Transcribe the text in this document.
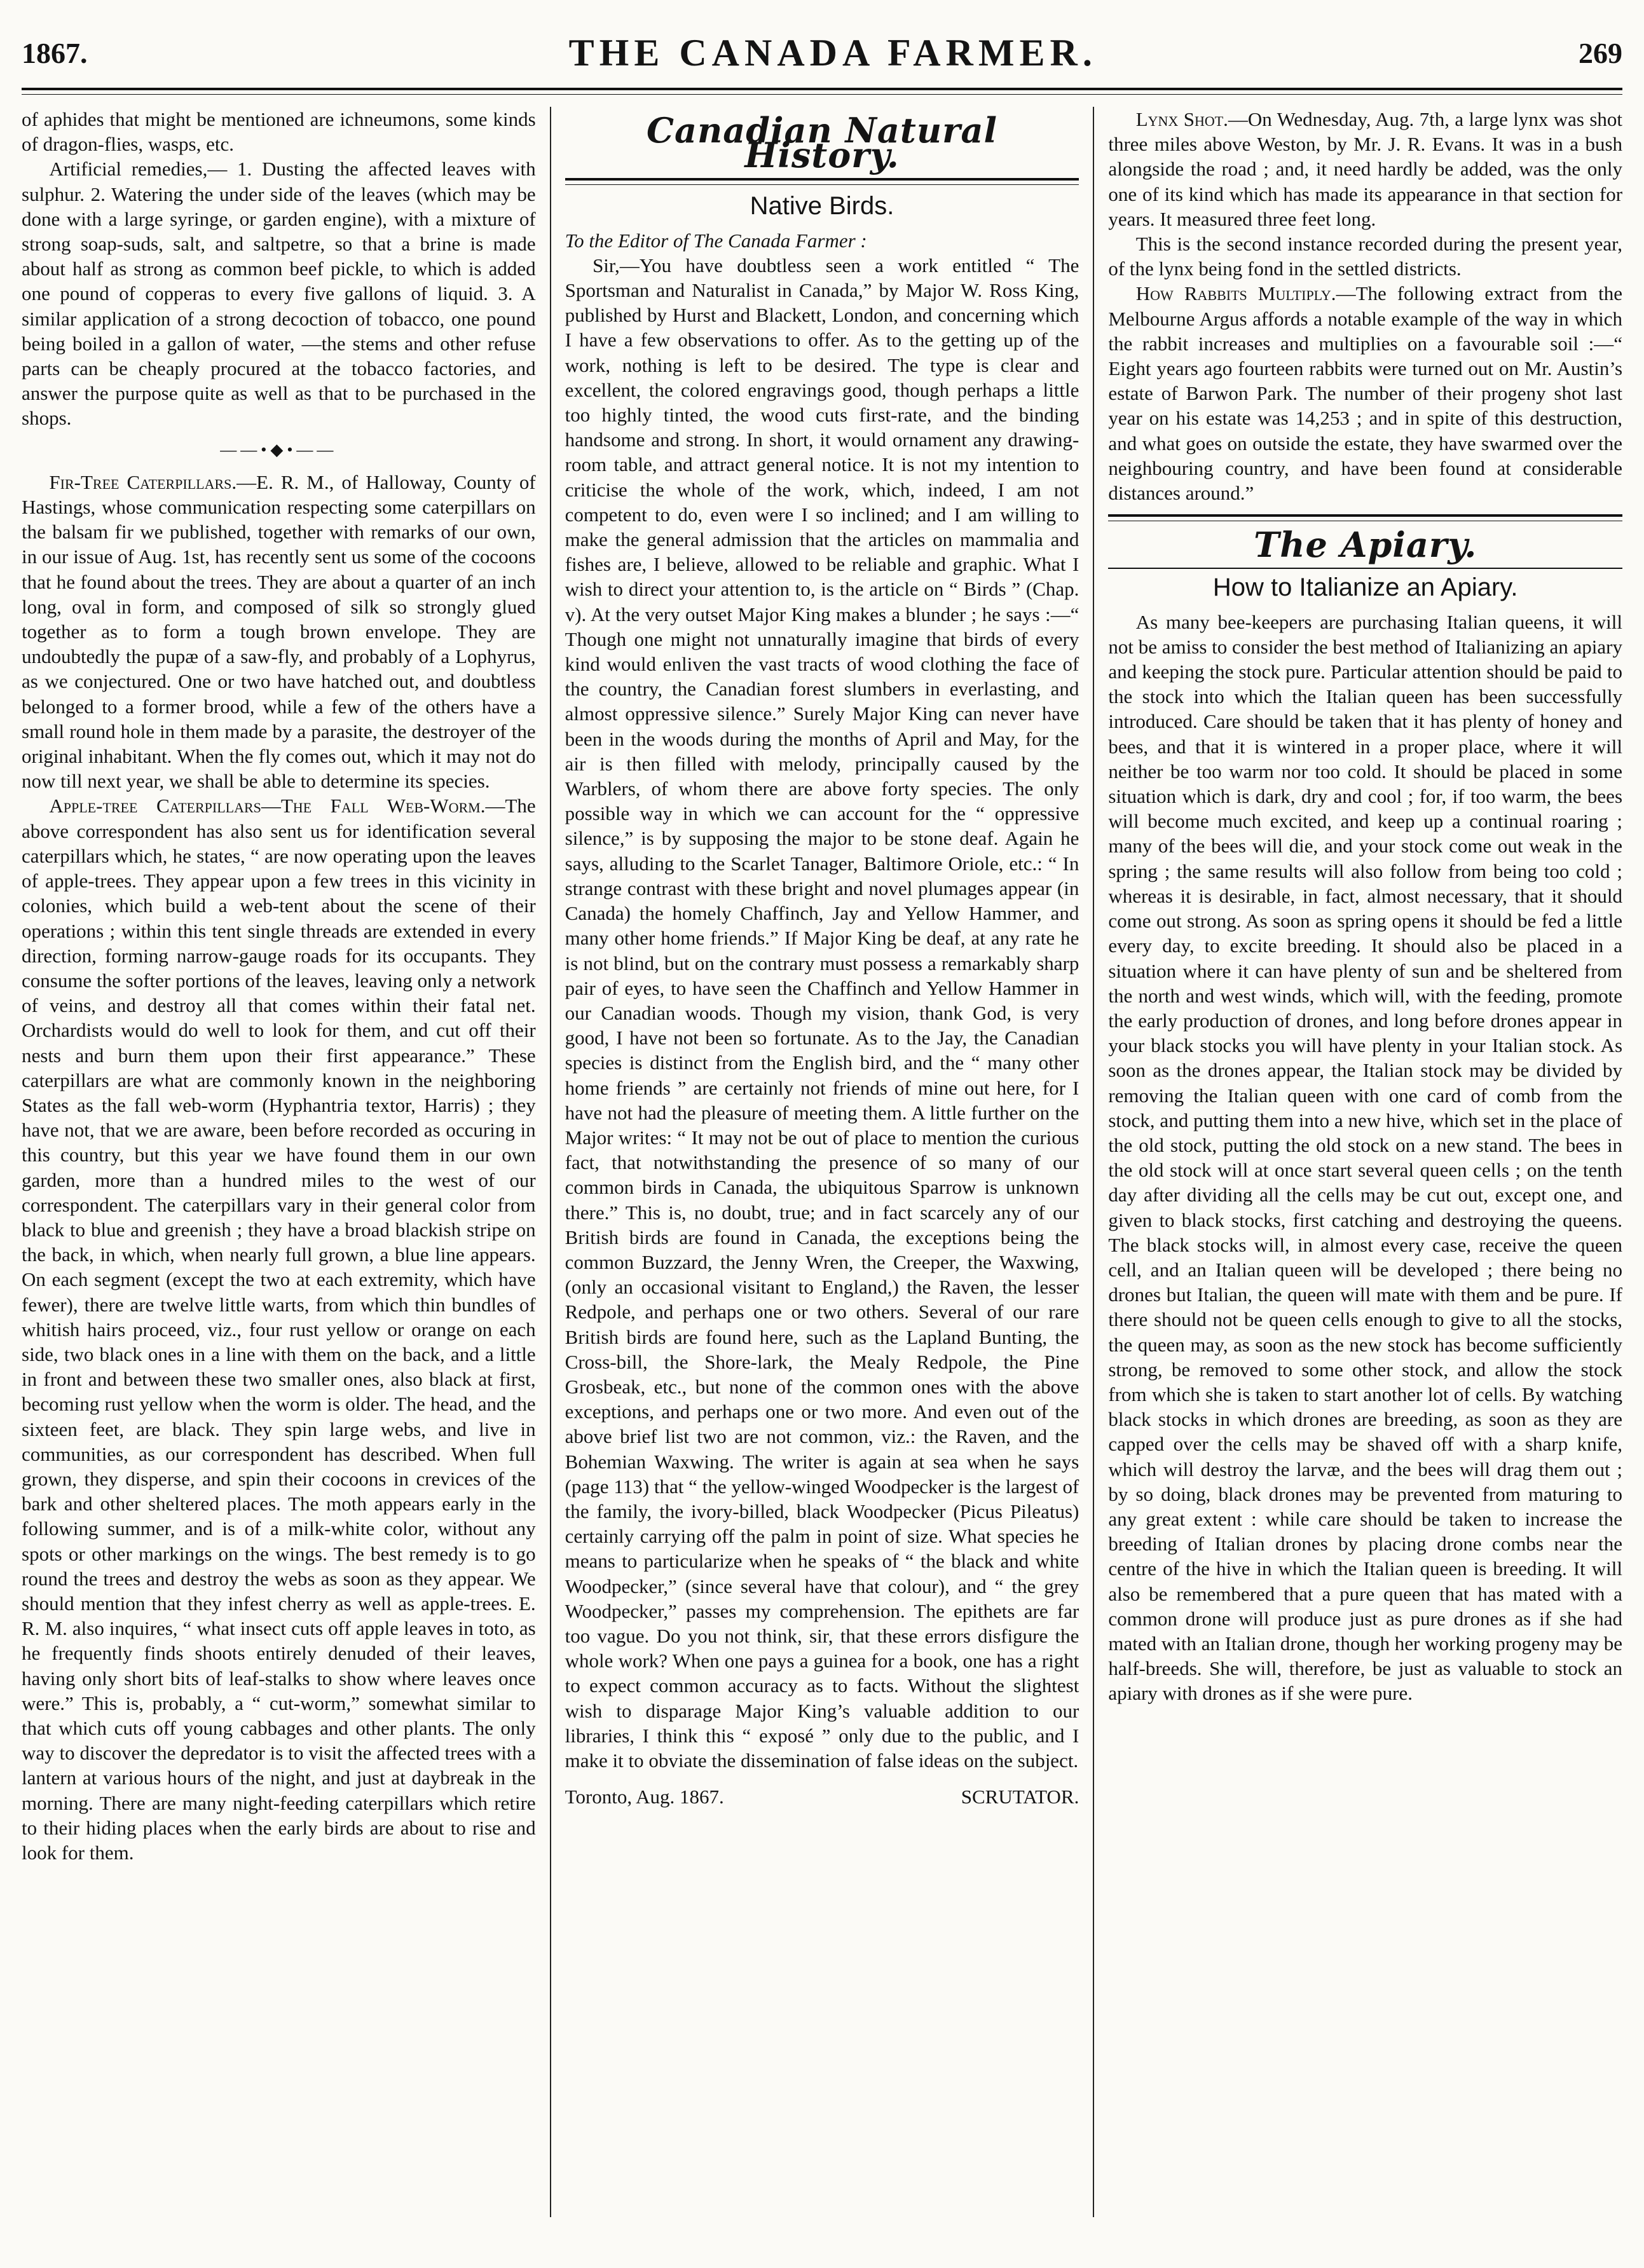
1867.	THE CANADA FARMER.	269

of aphides that might be mentioned are ichneumons, some kinds of dragon-flies, wasps, etc.

Artificial remedies,— 1. Dusting the affected leaves with sulphur. 2. Watering the under side of the leaves (which may be done with a large syringe, or garden engine), with a mixture of strong soap-suds, salt, and saltpetre, so that a brine is made about half as strong as common beef pickle, to which is added one pound of copperas to every five gallons of liquid. 3. A similar application of a strong decoction of tobacco, one pound being boiled in a gallon of water, —the stems and other refuse parts can be cheaply procured at the tobacco factories, and answer the purpose quite as well as that to be purchased in the shops.

——•◆•——

Fir-Tree Caterpillars.—E. R. M., of Halloway, County of Hastings, whose communication respecting some caterpillars on the balsam fir we published, together with remarks of our own, in our issue of Aug. 1st, has recently sent us some of the cocoons that he found about the trees. They are about a quarter of an inch long, oval in form, and composed of silk so strongly glued together as to form a tough brown envelope. They are undoubtedly the pupæ of a saw-fly, and probably of a Lophyrus, as we conjectured. One or two have hatched out, and doubtless belonged to a former brood, while a few of the others have a small round hole in them made by a parasite, the destroyer of the original inhabitant. When the fly comes out, which it may not do now till next year, we shall be able to determine its species.

Apple-tree Caterpillars—The Fall Web-Worm.—The above correspondent has also sent us for identification several caterpillars which, he states, “ are now operating upon the leaves of apple-trees. They appear upon a few trees in this vicinity in colonies, which build a web-tent about the scene of their operations ; within this tent single threads are extended in every direction, forming narrow-gauge roads for its occupants. They consume the softer portions of the leaves, leaving only a network of veins, and destroy all that comes within their fatal net. Orchardists would do well to look for them, and cut off their nests and burn them upon their first appearance.” These caterpillars are what are commonly known in the neighboring States as the fall web-worm (Hyphantria textor, Harris) ; they have not, that we are aware, been before recorded as occuring in this country, but this year we have found them in our own garden, more than a hundred miles to the west of our correspondent. The caterpillars vary in their general color from black to blue and greenish ; they have a broad blackish stripe on the back, in which, when nearly full grown, a blue line appears. On each segment (except the two at each extremity, which have fewer), there are twelve little warts, from which thin bundles of whitish hairs proceed, viz., four rust yellow or orange on each side, two black ones in a line with them on the back, and a little in front and between these two smaller ones, also black at first, becoming rust yellow when the worm is older. The head, and the sixteen feet, are black. They spin large webs, and live in communities, as our correspondent has described. When full grown, they disperse, and spin their cocoons in crevices of the bark and other sheltered places. The moth appears early in the following summer, and is of a milk-white color, without any spots or other markings on the wings. The best remedy is to go round the trees and destroy the webs as soon as they appear. We should mention that they infest cherry as well as apple-trees. E. R. M. also inquires, “ what insect cuts off apple leaves in toto, as he frequently finds shoots entirely denuded of their leaves, having only short bits of leaf-stalks to show where leaves once were.” This is, probably, a “ cut-worm,” somewhat similar to that which cuts off young cabbages and other plants. The only way to discover the depredator is to visit the affected trees with a lantern at various hours of the night, and just at daybreak in the morning. There are many night-feeding caterpillars which retire to their hiding places when the early birds are about to rise and look for them.

Canadian Natural History.
Native Birds.

To the Editor of The Canada Farmer :

Sir,—You have doubtless seen a work entitled “ The Sportsman and Naturalist in Canada,” by Major W. Ross King, published by Hurst and Blackett, London, and concerning which I have a few observations to offer. As to the getting up of the work, nothing is left to be desired. The type is clear and excellent, the colored engravings good, though perhaps a little too highly tinted, the wood cuts first-rate, and the binding handsome and strong. In short, it would ornament any drawing-room table, and attract general notice. It is not my intention to criticise the whole of the work, which, indeed, I am not competent to do, even were I so inclined; and I am willing to make the general admission that the articles on mammalia and fishes are, I believe, allowed to be reliable and graphic. What I wish to direct your attention to, is the article on “ Birds ” (Chap. v). At the very outset Major King makes a blunder ; he says :—“ Though one might not unnaturally imagine that birds of every kind would enliven the vast tracts of wood clothing the face of the country, the Canadian forest slumbers in everlasting, and almost oppressive silence.” Surely Major King can never have been in the woods during the months of April and May, for the air is then filled with melody, principally caused by the Warblers, of whom there are above forty species. The only possible way in which we can account for the “ oppressive silence,” is by supposing the major to be stone deaf. Again he says, alluding to the Scarlet Tanager, Baltimore Oriole, etc.: “ In strange contrast with these bright and novel plumages appear (in Canada) the homely Chaffinch, Jay and Yellow Hammer, and many other home friends.” If Major King be deaf, at any rate he is not blind, but on the contrary must possess a remarkably sharp pair of eyes, to have seen the Chaffinch and Yellow Hammer in our Canadian woods. Though my vision, thank God, is very good, I have not been so fortunate. As to the Jay, the Canadian species is distinct from the English bird, and the “ many other home friends ” are certainly not friends of mine out here, for I have not had the pleasure of meeting them. A little further on the Major writes: “ It may not be out of place to mention the curious fact, that notwithstanding the presence of so many of our common birds in Canada, the ubiquitous Sparrow is unknown there.” This is, no doubt, true; and in fact scarcely any of our British birds are found in Canada, the exceptions being the common Buzzard, the Jenny Wren, the Creeper, the Waxwing, (only an occasional visitant to England,) the Raven, the lesser Redpole, and perhaps one or two others. Several of our rare British birds are found here, such as the Lapland Bunting, the Cross-bill, the Shore-lark, the Mealy Redpole, the Pine Grosbeak, etc., but none of the common ones with the above exceptions, and perhaps one or two more. And even out of the above brief list two are not common, viz.: the Raven, and the Bohemian Waxwing. The writer is again at sea when he says (page 113) that “ the yellow-winged Woodpecker is the largest of the family, the ivory-billed, black Woodpecker (Picus Pileatus) certainly carrying off the palm in point of size. What species he means to particularize when he speaks of “ the black and white Woodpecker,” (since several have that colour), and “ the grey Woodpecker,” passes my comprehension. The epithets are far too vague. Do you not think, sir, that these errors disfigure the whole work? When one pays a guinea for a book, one has a right to expect common accuracy as to facts. Without the slightest wish to disparage Major King’s valuable addition to our libraries, I think this “ exposé ” only due to the public, and I make it to obviate the dissemination of false ideas on the subject.

Toronto, Aug. 1867.	SCRUTATOR.

Lynx Shot.—On Wednesday, Aug. 7th, a large lynx was shot three miles above Weston, by Mr. J. R. Evans. It was in a bush alongside the road ; and, it need hardly be added, was the only one of its kind which has made its appearance in that section for years. It measured three feet long.

This is the second instance recorded during the present year, of the lynx being fond in the settled districts.

How Rabbits Multiply.—The following extract from the Melbourne Argus affords a notable example of the way in which the rabbit increases and multiplies on a favourable soil :—“ Eight years ago fourteen rabbits were turned out on Mr. Austin’s estate of Barwon Park. The number of their progeny shot last year on his estate was 14,253 ; and in spite of this destruction, and what goes on outside the estate, they have swarmed over the neighbouring country, and have been found at considerable distances around.”

The Apiary.
How to Italianize an Apiary.

As many bee-keepers are purchasing Italian queens, it will not be amiss to consider the best method of Italianizing an apiary and keeping the stock pure. Particular attention should be paid to the stock into which the Italian queen has been successfully introduced. Care should be taken that it has plenty of honey and bees, and that it is wintered in a proper place, where it will neither be too warm nor too cold. It should be placed in some situation which is dark, dry and cool ; for, if too warm, the bees will become much excited, and keep up a continual roaring ; many of the bees will die, and your stock come out weak in the spring ; the same results will also follow from being too cold ; whereas it is desirable, in fact, almost necessary, that it should come out strong. As soon as spring opens it should be fed a little every day, to excite breeding. It should also be placed in a situation where it can have plenty of sun and be sheltered from the north and west winds, which will, with the feeding, promote the early production of drones, and long before drones appear in your black stocks you will have plenty in your Italian stock. As soon as the drones appear, the Italian stock may be divided by removing the Italian queen with one card of comb from the stock, and putting them into a new hive, which set in the place of the old stock, putting the old stock on a new stand. The bees in the old stock will at once start several queen cells ; on the tenth day after dividing all the cells may be cut out, except one, and given to black stocks, first catching and destroying the queens. The black stocks will, in almost every case, receive the queen cell, and an Italian queen will be developed ; there being no drones but Italian, the queen will mate with them and be pure. If there should not be queen cells enough to give to all the stocks, the queen may, as soon as the new stock has become sufficiently strong, be removed to some other stock, and allow the stock from which she is taken to start another lot of cells. By watching black stocks in which drones are breeding, as soon as they are capped over the cells may be shaved off with a sharp knife, which will destroy the larvæ, and the bees will drag them out ; by so doing, black drones may be prevented from maturing to any great extent : while care should be taken to increase the breeding of Italian drones by placing drone combs near the centre of the hive in which the Italian queen is breeding. It will also be remembered that a pure queen that has mated with a common drone will produce just as pure drones as if she had mated with an Italian drone, though her working progeny may be half-breeds. She will, therefore, be just as valuable to stock an apiary with drones as if she were pure.
